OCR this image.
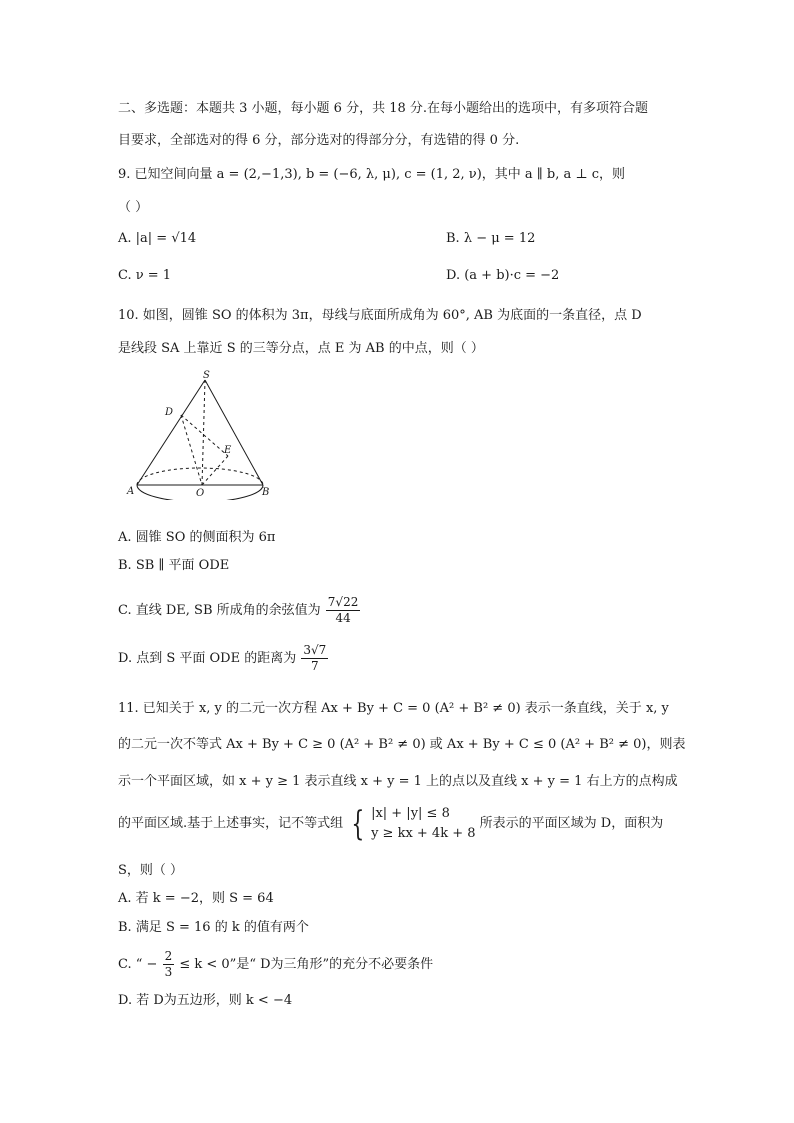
二、多选题：本题共 3 小题，每小题 6 分，共 18 分.在每小题给出的选项中，有多项符合题
目要求，全部选对的得 6 分，部分选对的得部分分，有选错的得 0 分.
9. 已知空间向量 a = (2,−1,3), b = (−6, λ, μ), c = (1, 2, ν)，其中 a ∥ b, a ⊥ c，则
（ ）
A. |a| = √14	B. λ − μ = 12
C. ν = 1	D. (a + b)·c = −2
10. 如图，圆锥 SO 的体积为 3π，母线与底面所成角为 60°, AB 为底面的一条直径，点 D
是线段 SA 上靠近 S 的三等分点，点 E 为 AB 的中点，则（ ）
S
D
E
A	O	B
A. 圆锥 SO 的侧面积为 6π
B. SB ∥ 平面 ODE
C. 直线 DE, SB 所成角的余弦值为 $\frac{7√22}{44}$
D. 点到 S 平面 ODE 的距离为 $\frac{3√7}{7}$
11. 已知关于 x, y 的二元一次方程 Ax + By + C = 0 (A² + B² ≠ 0) 表示一条直线，关于 x, y
的二元一次不等式 Ax + By + C ≥ 0 (A² + B² ≠ 0) 或 Ax + By + C ≤ 0 (A² + B² ≠ 0)，则表
示一个平面区域，如 x + y ≥ 1 表示直线 x + y = 1 上的点以及直线 x + y = 1 右上方的点构成
的平面区域.基于上述事实，记不等式组 { |x| + |y| ≤ 8
y ≥ kx + 4k + 8
所表示的平面区域为 D，面积为
S，则（ ）
A. 若 k = −2，则 S = 64
B. 满足 S = 16 的 k 的值有两个
C. “ − $\frac{2}{3} \le k < 0$”是“ D为三角形”的充分不必要条件
D. 若 D为五边形，则 k < −4
